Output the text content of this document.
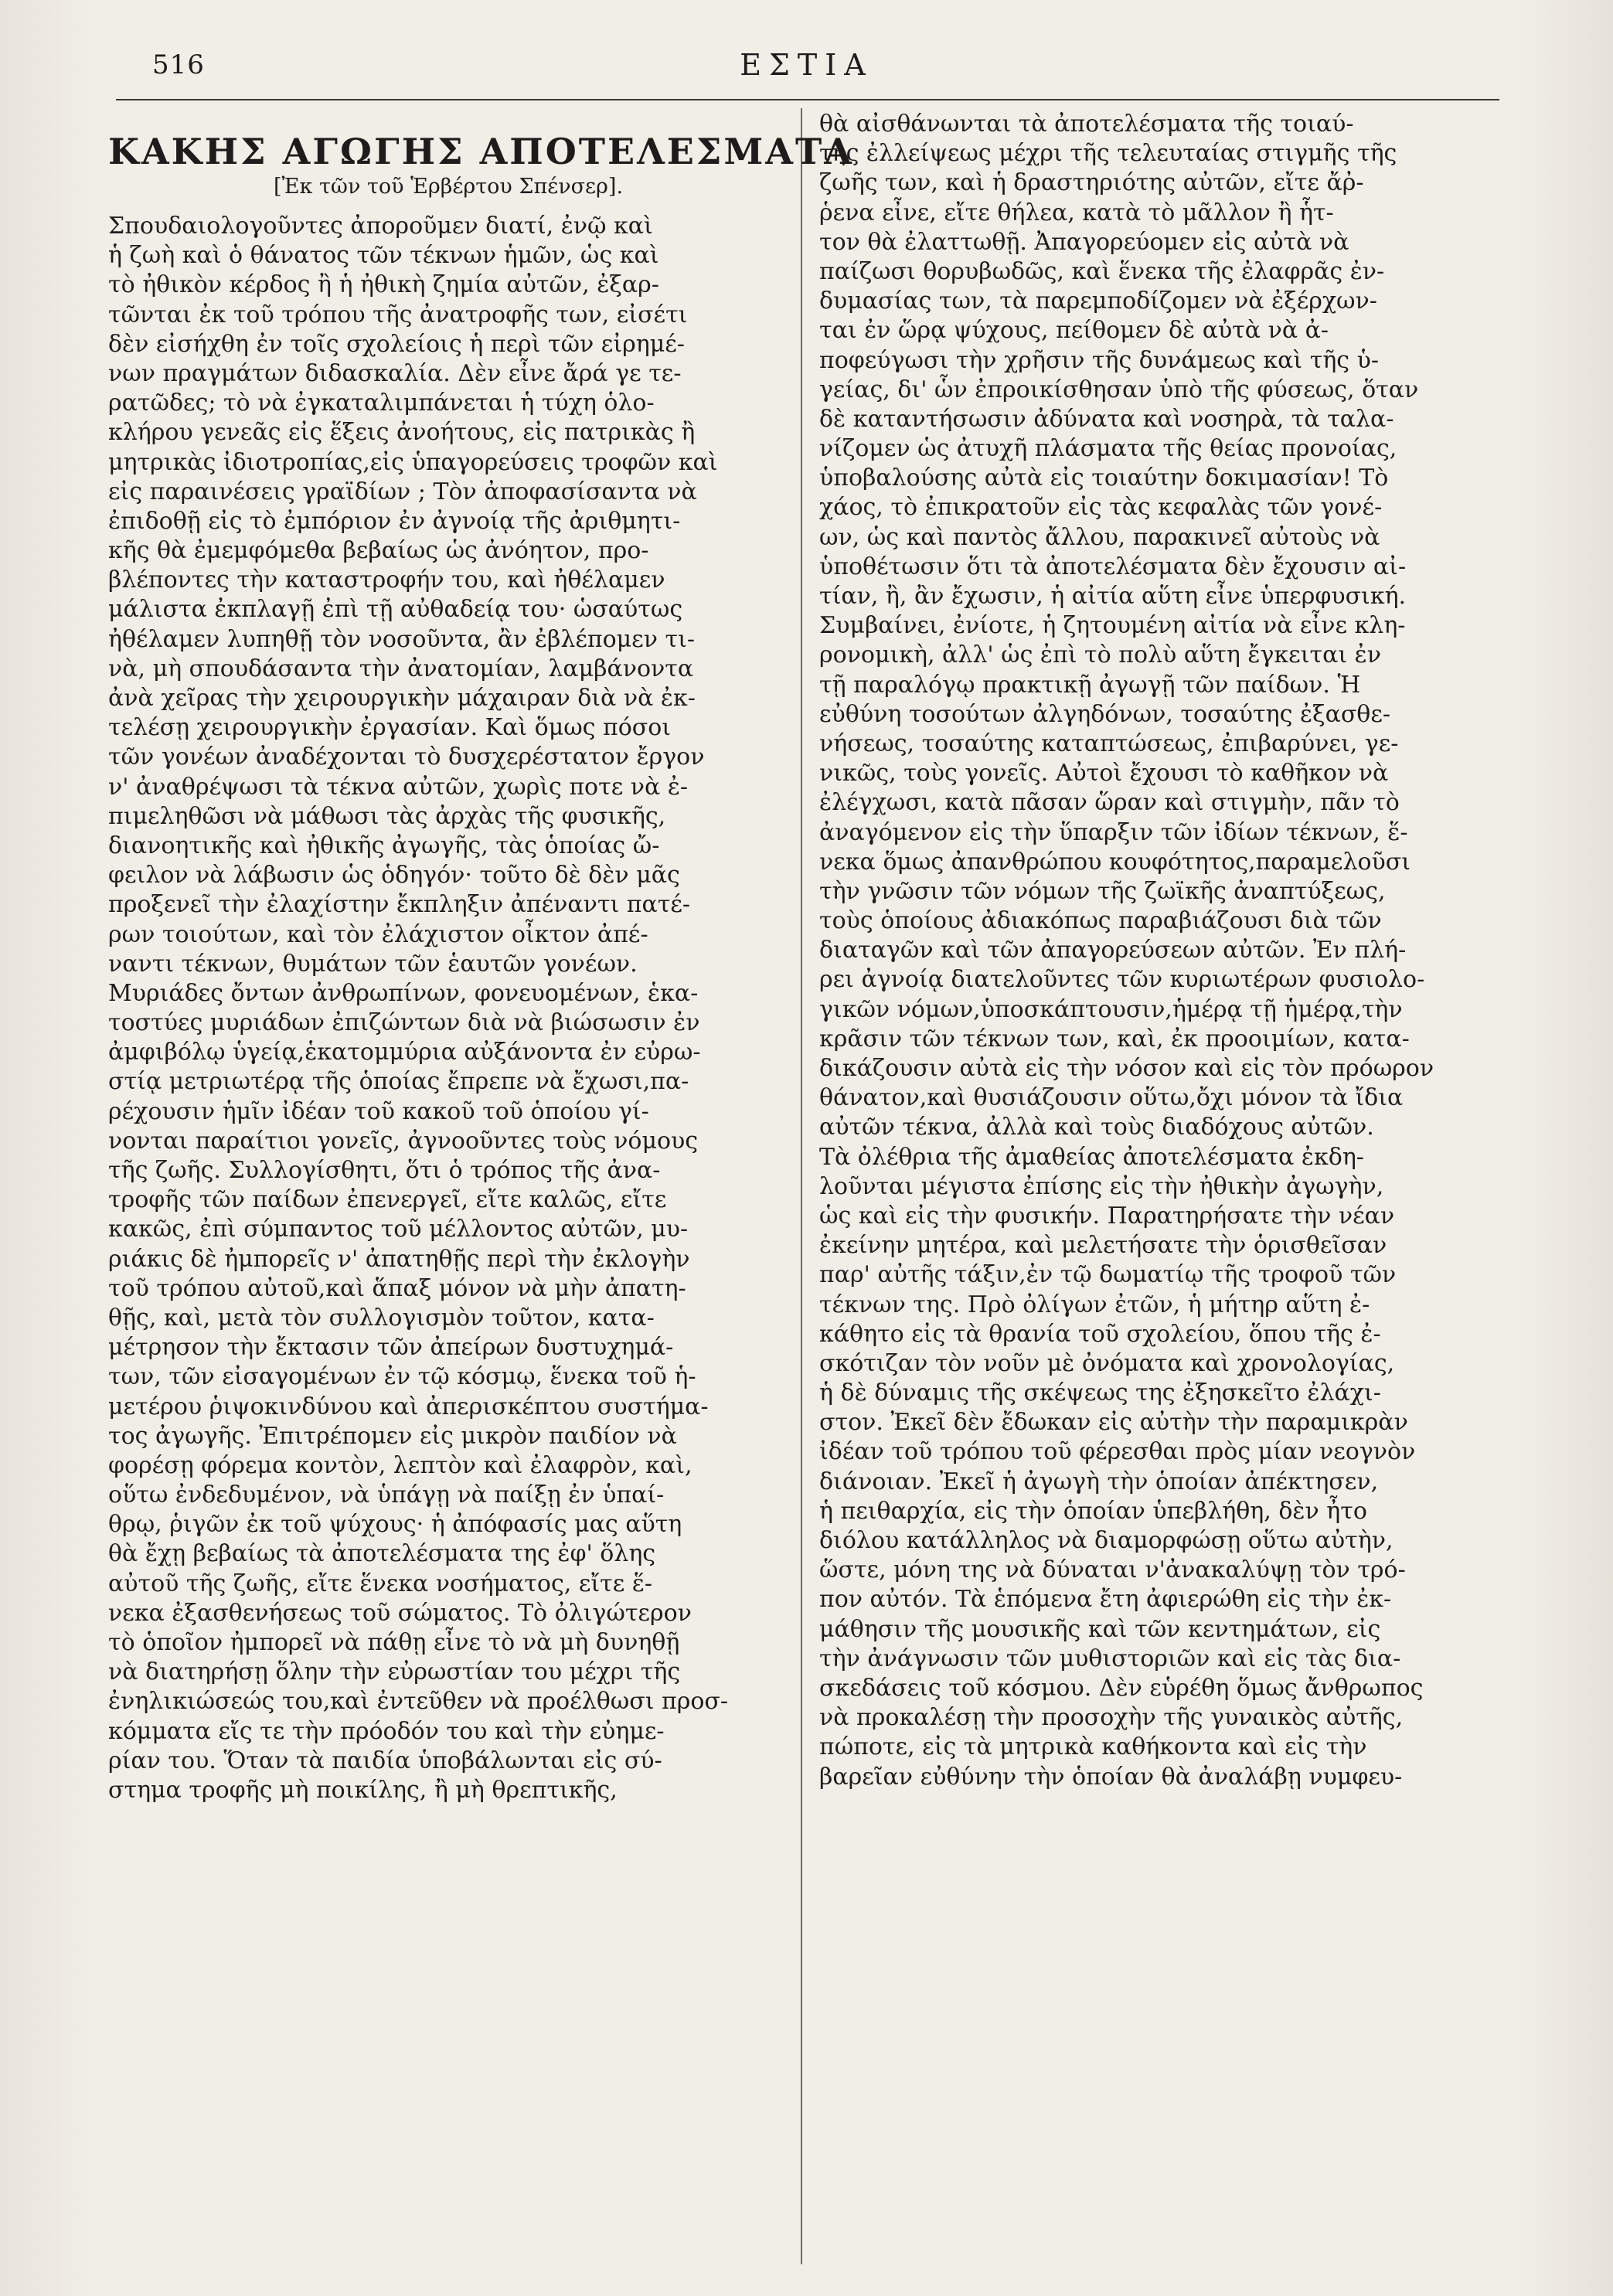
516	ΕΣΤΙΑ
ΚΑΚΗΣ ΑΓΩΓΗΣ ΑΠΟΤΕΛΕΣΜΑΤΑ
[Ἐκ τῶν τοῦ Ἑρβέρτου Σπένσερ].
Σπουδαιολογοῦντες ἀποροῦμεν διατί, ἐνῷ καὶ
ἡ ζωὴ καὶ ὁ θάνατος τῶν τέκνων ἡμῶν, ὡς καὶ
τὸ ἠθικὸν κέρδος ἢ ἡ ἠθικὴ ζημία αὐτῶν, ἐξαρ-
τῶνται ἐκ τοῦ τρόπου τῆς ἀνατροφῆς των, εἰσέτι
δὲν εἰσήχθη ἐν τοῖς σχολείοις ἡ περὶ τῶν εἰρημέ-
νων πραγμάτων διδασκαλία. Δὲν εἶνε ἄρά γε τε-
ρατῶδες; τὸ νὰ ἐγκαταλιμπάνεται ἡ τύχη ὁλο-
κλήρου γενεᾶς εἰς ἕξεις ἀνοήτους, εἰς πατρικὰς ἢ
μητρικὰς ἰδιοτροπίας,εἰς ὑπαγορεύσεις τροφῶν καὶ
εἰς παραινέσεις γραϊδίων ; Τὸν ἀποφασίσαντα νὰ
ἐπιδοθῇ εἰς τὸ ἐμπόριον ἐν ἀγνοίᾳ τῆς ἀριθμητι-
κῆς θὰ ἐμεμφόμεθα βεβαίως ὡς ἀνόητον, προ-
βλέποντες τὴν καταστροφήν του, καὶ ἠθέλαμεν
μάλιστα ἐκπλαγῇ ἐπὶ τῇ αὐθαδείᾳ του· ὡσαύτως
ἠθέλαμεν λυπηθῇ τὸν νοσοῦντα, ἂν ἐβλέπομεν τι-
νὰ, μὴ σπουδάσαντα τὴν ἀνατομίαν, λαμβάνοντα
ἀνὰ χεῖρας τὴν χειρουργικὴν μάχαιραν διὰ νὰ ἐκ-
τελέσῃ χειρουργικὴν ἐργασίαν. Καὶ ὅμως πόσοι
τῶν γονέων ἀναδέχονται τὸ δυσχερέστατον ἔργον
ν' ἀναθρέψωσι τὰ τέκνα αὐτῶν, χωρὶς ποτε νὰ ἐ-
πιμεληθῶσι νὰ μάθωσι τὰς ἀρχὰς τῆς φυσικῆς,
διανοητικῆς καὶ ἠθικῆς ἀγωγῆς, τὰς ὁποίας ὤ-
φειλον νὰ λάβωσιν ὡς ὁδηγόν· τοῦτο δὲ δὲν μᾶς
προξενεῖ τὴν ἐλαχίστην ἔκπληξιν ἀπέναντι πατέ-
ρων τοιούτων, καὶ τὸν ἐλάχιστον οἶκτον ἀπέ-
ναντι τέκνων, θυμάτων τῶν ἑαυτῶν γονέων.
Μυριάδες ὄντων ἀνθρωπίνων, φονευομένων, ἑκα-
τοστύες μυριάδων ἐπιζώντων διὰ νὰ βιώσωσιν ἐν
ἀμφιβόλῳ ὑγείᾳ,ἑκατομμύρια αὐξάνοντα ἐν εὐρω-
στίᾳ μετριωτέρᾳ τῆς ὁποίας ἔπρεπε νὰ ἔχωσι,πα-
ρέχουσιν ἡμῖν ἰδέαν τοῦ κακοῦ τοῦ ὁποίου γί-
νονται παραίτιοι γονεῖς, ἀγνοοῦντες τοὺς νόμους
τῆς ζωῆς. Συλλογίσθητι, ὅτι ὁ τρόπος τῆς ἀνα-
τροφῆς τῶν παίδων ἐπενεργεῖ, εἴτε καλῶς, εἴτε
κακῶς, ἐπὶ σύμπαντος τοῦ μέλλοντος αὐτῶν, μυ-
ριάκις δὲ ἠμπορεῖς ν' ἀπατηθῇς περὶ τὴν ἐκλογὴν
τοῦ τρόπου αὐτοῦ,καὶ ἅπαξ μόνον νὰ μὴν ἀπατη-
θῇς, καὶ, μετὰ τὸν συλλογισμὸν τοῦτον, κατα-
μέτρησον τὴν ἔκτασιν τῶν ἀπείρων δυστυχημά-
των, τῶν εἰσαγομένων ἐν τῷ κόσμῳ, ἕνεκα τοῦ ἡ-
μετέρου ῥιψοκινδύνου καὶ ἀπερισκέπτου συστήμα-
τος ἀγωγῆς. Ἐπιτρέπομεν εἰς μικρὸν παιδίον νὰ
φορέσῃ φόρεμα κοντὸν, λεπτὸν καὶ ἐλαφρὸν, καὶ,
οὕτω ἐνδεδυμένον, νὰ ὑπάγῃ νὰ παίξῃ ἐν ὑπαί-
θρῳ, ῥιγῶν ἐκ τοῦ ψύχους· ἡ ἀπόφασίς μας αὕτη
θὰ ἔχῃ βεβαίως τὰ ἀποτελέσματα της ἐφ' ὅλης
αὐτοῦ τῆς ζωῆς, εἴτε ἕνεκα νοσήματος, εἴτε ἕ-
νεκα ἐξασθενήσεως τοῦ σώματος. Τὸ ὀλιγώτερον
τὸ ὁποῖον ἠμπορεῖ νὰ πάθῃ εἶνε τὸ νὰ μὴ δυνηθῇ
νὰ διατηρήσῃ ὅλην τὴν εὐρωστίαν του μέχρι τῆς
ἐνηλικιώσεώς του,καὶ ἐντεῦθεν νὰ προέλθωσι προσ-
κόμματα εἴς τε τὴν πρόοδόν του καὶ τὴν εὐημε-
ρίαν του. Ὅταν τὰ παιδία ὑποβάλωνται εἰς σύ-
στημα τροφῆς μὴ ποικίλης, ἢ μὴ θρεπτικῆς,
θὰ αἰσθάνωνται τὰ ἀποτελέσματα τῆς τοιαύ-
της ἐλλείψεως μέχρι τῆς τελευταίας στιγμῆς τῆς
ζωῆς των, καὶ ἡ δραστηριότης αὐτῶν, εἴτε ἄῤ-
ῥενα εἶνε, εἴτε θήλεα, κατὰ τὸ μᾶλλον ἢ ἧτ-
τον θὰ ἐλαττωθῇ. Ἀπαγορεύομεν εἰς αὐτὰ νὰ
παίζωσι θορυβωδῶς, καὶ ἕνεκα τῆς ἐλαφρᾶς ἐν-
δυμασίας των, τὰ παρεμποδίζομεν νὰ ἐξέρχων-
ται ἐν ὥρᾳ ψύχους, πείθομεν δὲ αὐτὰ νὰ ἀ-
ποφεύγωσι τὴν χρῆσιν τῆς δυνάμεως καὶ τῆς ὑ-
γείας, δι' ὧν ἐπροικίσθησαν ὑπὸ τῆς φύσεως, ὅταν
δὲ καταντήσωσιν ἀδύνατα καὶ νοσηρὰ, τὰ ταλα-
νίζομεν ὡς ἀτυχῆ πλάσματα τῆς θείας προνοίας,
ὑποβαλούσης αὐτὰ εἰς τοιαύτην δοκιμασίαν! Τὸ
χάος, τὸ ἐπικρατοῦν εἰς τὰς κεφαλὰς τῶν γονέ-
ων, ὡς καὶ παντὸς ἄλλου, παρακινεῖ αὐτοὺς νὰ
ὑποθέτωσιν ὅτι τὰ ἀποτελέσματα δὲν ἔχουσιν αἰ-
τίαν, ἢ, ἂν ἔχωσιν, ἡ αἰτία αὕτη εἶνε ὑπερφυσική.
Συμβαίνει, ἐνίοτε, ἡ ζητουμένη αἰτία νὰ εἶνε κλη-
ρονομικὴ, ἀλλ' ὡς ἐπὶ τὸ πολὺ αὕτη ἔγκειται ἐν
τῇ παραλόγῳ πρακτικῇ ἀγωγῇ τῶν παίδων. Ἡ
εὐθύνη τοσούτων ἀλγηδόνων, τοσαύτης ἐξασθε-
νήσεως, τοσαύτης καταπτώσεως, ἐπιβαρύνει, γε-
νικῶς, τοὺς γονεῖς. Αὐτοὶ ἔχουσι τὸ καθῆκον νὰ
ἐλέγχωσι, κατὰ πᾶσαν ὥραν καὶ στιγμὴν, πᾶν τὸ
ἀναγόμενον εἰς τὴν ὕπαρξιν τῶν ἰδίων τέκνων, ἕ-
νεκα ὅμως ἀπανθρώπου κουφότητος,παραμελοῦσι
τὴν γνῶσιν τῶν νόμων τῆς ζωϊκῆς ἀναπτύξεως,
τοὺς ὁποίους ἀδιακόπως παραβιάζουσι διὰ τῶν
διαταγῶν καὶ τῶν ἀπαγορεύσεων αὐτῶν. Ἐν πλή-
ρει ἀγνοίᾳ διατελοῦντες τῶν κυριωτέρων φυσιολο-
γικῶν νόμων,ὑποσκάπτουσιν,ἡμέρᾳ τῇ ἡμέρᾳ,τὴν
κρᾶσιν τῶν τέκνων των, καὶ, ἐκ προοιμίων, κατα-
δικάζουσιν αὐτὰ εἰς τὴν νόσον καὶ εἰς τὸν πρόωρον
θάνατον,καὶ θυσιάζουσιν οὕτω,ὄχι μόνον τὰ ἴδια
αὐτῶν τέκνα, ἀλλὰ καὶ τοὺς διαδόχους αὐτῶν.
Τὰ ὀλέθρια τῆς ἀμαθείας ἀποτελέσματα ἐκδη-
λοῦνται μέγιστα ἐπίσης εἰς τὴν ἠθικὴν ἀγωγὴν,
ὡς καὶ εἰς τὴν φυσικήν. Παρατηρήσατε τὴν νέαν
ἐκείνην μητέρα, καὶ μελετήσατε τὴν ὁρισθεῖσαν
παρ' αὐτῆς τάξιν,ἐν τῷ δωματίῳ τῆς τροφοῦ τῶν
τέκνων της. Πρὸ ὀλίγων ἐτῶν, ἡ μήτηρ αὕτη ἐ-
κάθητο εἰς τὰ θρανία τοῦ σχολείου, ὅπου τῆς ἐ-
σκότιζαν τὸν νοῦν μὲ ὀνόματα καὶ χρονολογίας,
ἡ δὲ δύναμις τῆς σκέψεως της ἐξησκεῖτο ἐλάχι-
στον. Ἐκεῖ δὲν ἔδωκαν εἰς αὐτὴν τὴν παραμικρὰν
ἰδέαν τοῦ τρόπου τοῦ φέρεσθαι πρὸς μίαν νεογνὸν
διάνοιαν. Ἐκεῖ ἡ ἀγωγὴ τὴν ὁποίαν ἀπέκτησεν,
ἡ πειθαρχία, εἰς τὴν ὁποίαν ὑπεβλήθη, δὲν ἦτο
διόλου κατάλληλος νὰ διαμορφώσῃ οὕτω αὐτὴν,
ὥστε, μόνη της νὰ δύναται ν'ἀνακαλύψῃ τὸν τρό-
πον αὐτόν. Τὰ ἑπόμενα ἔτη ἀφιερώθη εἰς τὴν ἐκ-
μάθησιν τῆς μουσικῆς καὶ τῶν κεντημάτων, εἰς
τὴν ἀνάγνωσιν τῶν μυθιστοριῶν καὶ εἰς τὰς δια-
σκεδάσεις τοῦ κόσμου. Δὲν εὑρέθη ὅμως ἄνθρωπος
νὰ προκαλέσῃ τὴν προσοχὴν τῆς γυναικὸς αὐτῆς,
πώποτε, εἰς τὰ μητρικὰ καθήκοντα καὶ εἰς τὴν
βαρεῖαν εὐθύνην τὴν ὁποίαν θὰ ἀναλάβῃ νυμφευ-
